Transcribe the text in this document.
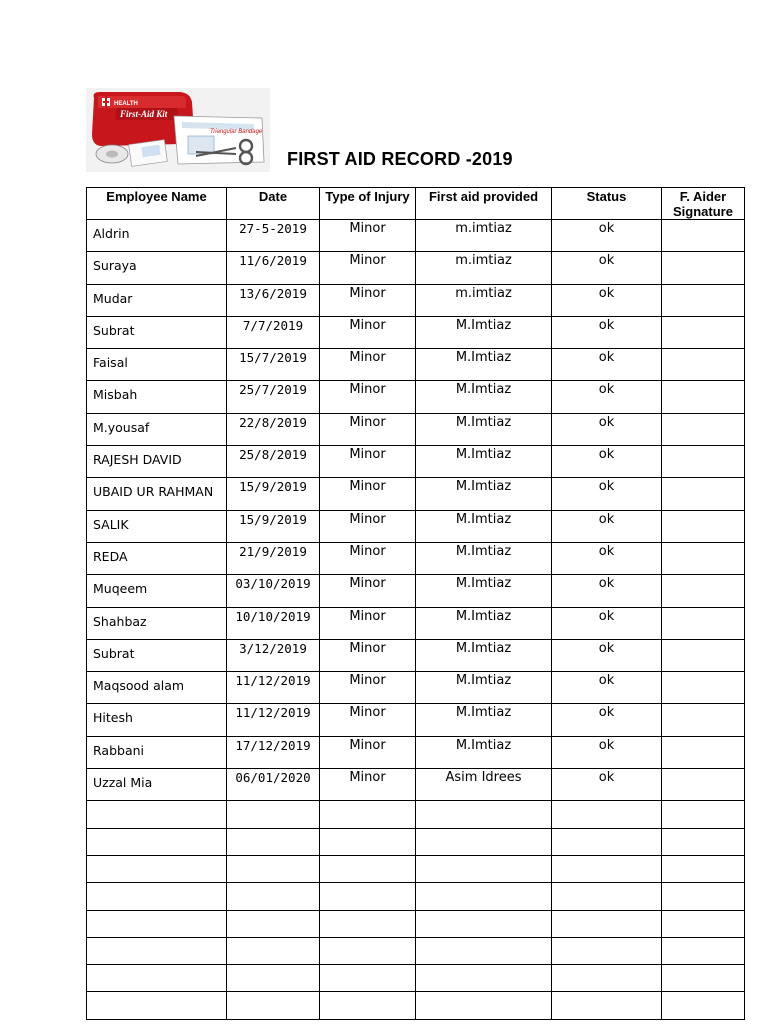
HEALTH
First-Aid Kit
Triangular Bandage
FIRST AID RECORD -2019
Employee Name	Date	Type of Injury	First aid provided	Status	F. Aider Signature
Aldrin	27-5-2019	Minor	m.imtiaz	ok	
Suraya	11/6/2019	Minor	m.imtiaz	ok	
Mudar	13/6/2019	Minor	m.imtiaz	ok	
Subrat	7/7/2019	Minor	M.Imtiaz	ok	
Faisal	15/7/2019	Minor	M.Imtiaz	ok	
Misbah	25/7/2019	Minor	M.Imtiaz	ok	
M.yousaf	22/8/2019	Minor	M.Imtiaz	ok	
RAJESH DAVID	25/8/2019	Minor	M.Imtiaz	ok	
UBAID UR RAHMAN	15/9/2019	Minor	M.Imtiaz	ok	
SALIK	15/9/2019	Minor	M.Imtiaz	ok	
REDA	21/9/2019	Minor	M.Imtiaz	ok	
Muqeem	03/10/2019	Minor	M.Imtiaz	ok	
Shahbaz	10/10/2019	Minor	M.Imtiaz	ok	
Subrat	3/12/2019	Minor	M.Imtiaz	ok	
Maqsood alam	11/12/2019	Minor	M.Imtiaz	ok	
Hitesh	11/12/2019	Minor	M.Imtiaz	ok	
Rabbani	17/12/2019	Minor	M.Imtiaz	ok	
Uzzal Mia	06/01/2020	Minor	Asim Idrees	ok	
